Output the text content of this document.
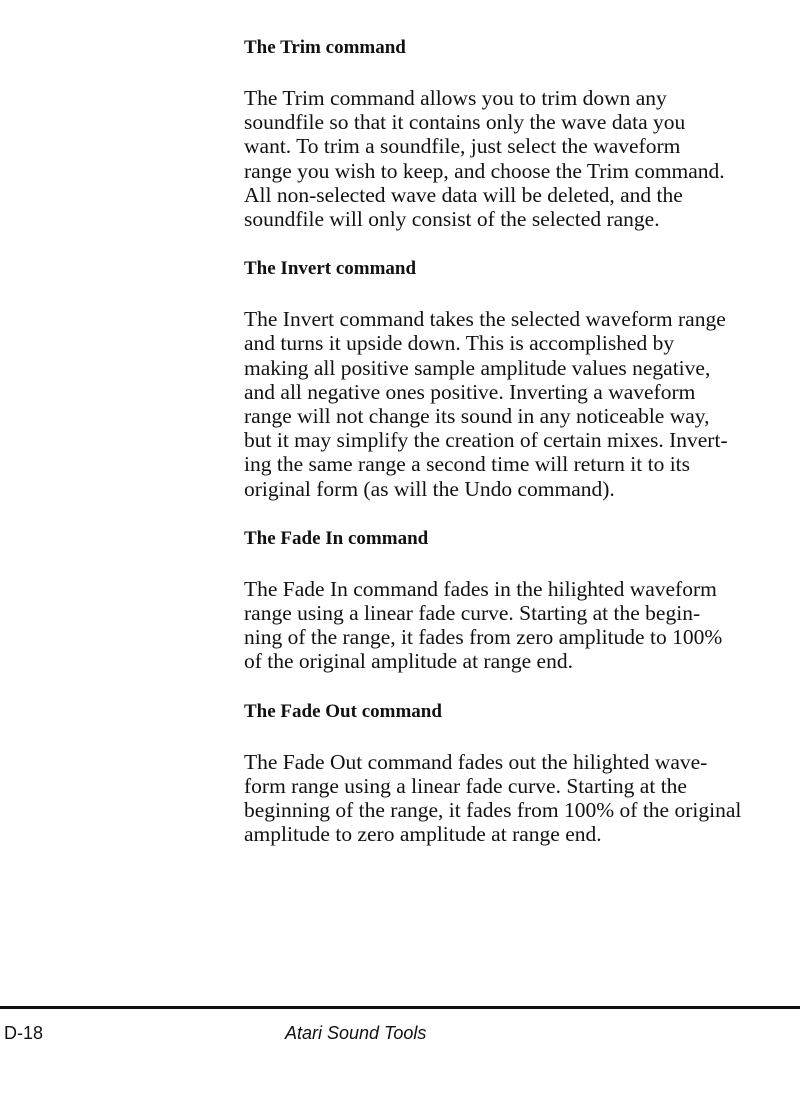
The Trim command

The Trim command allows you to trim down any
soundfile so that it contains only the wave data you
want. To trim a soundfile, just select the waveform
range you wish to keep, and choose the Trim command.
All non-selected wave data will be deleted, and the
soundfile will only consist of the selected range.

The Invert command

The Invert command takes the selected waveform range
and turns it upside down. This is accomplished by
making all positive sample amplitude values negative,
and all negative ones positive. Inverting a waveform
range will not change its sound in any noticeable way,
but it may simplify the creation of certain mixes. Invert-
ing the same range a second time will return it to its
original form (as will the Undo command).

The Fade In command

The Fade In command fades in the hilighted waveform
range using a linear fade curve. Starting at the begin-
ning of the range, it fades from zero amplitude to 100%
of the original amplitude at range end.

The Fade Out command

The Fade Out command fades out the hilighted wave-
form range using a linear fade curve. Starting at the
beginning of the range, it fades from 100% of the original
amplitude to zero amplitude at range end.

D-18	Atari Sound Tools
